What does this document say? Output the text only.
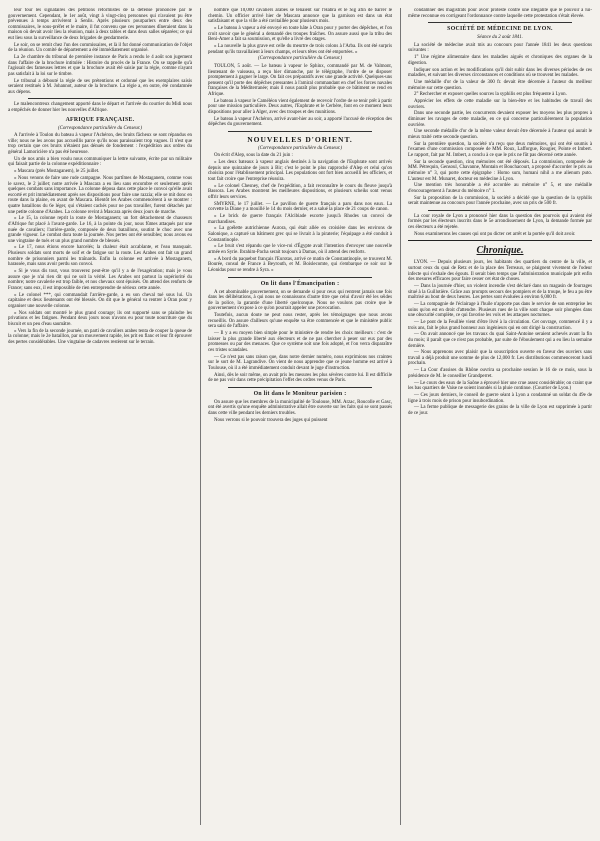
leur tour les signataires des pétitions réformistes de la défense prononcée par le gouvernement. Cependant, le 1er août, vingt à vingt-cinq personnes qui n'avaient pu être prévenues à temps arrivèrent à Senlis. Après plusieurs pourparlers entre deux des commissaires, le sous-préfet et le maire, il fut convenu que ces personnes dîneraient dans la maison où devait avoir lieu la réunion, mais à deux tables et dans deux salles séparées; ce qui eut lieu sous la surveillance de deux brigades de gendarmerie.

Le soir, on se remit chez l'un des commissaires, et là il fut donné communication de l'objet de la réunion. Un comité de département a été immédiatement organisé.

La 2e chambre du tribunal de première instance de Paris a rendu le 4 août son jugement dans l'affaire de la brochure intitulée : Histoire du procès de la France. On se rappelle qu'à l'agissait des fameuses lettres et que la brochure avait été saisie par la régie, comme n'ayant pas satisfait à la loi sur le timbre.

Le tribunal a débouté la régie de ses prétentions et ordonné que les exemplaires saisis seraient restitués à M. Johannot, auteur de la brochure. La régie a, en outre, été condamnée aux dépens.

Le malencontreux changement apporté dans le départ et l'arrivée du courrier du Midi nous a empêchés de donner hier les nouvelles d'Afrique.

AFRIQUE FRANÇAISE.
(Correspondance particulière du Censeur.)

A l'arrivée à Toulon du bateau à vapeur l'Achéron, des bruits fâcheux se sont répandus en ville; nous ne les avons pas accueillis parce qu'ils nous paraissaient trop vagues. Il n'est que trop certain que ces bruits n'étaient pas dénués de fondement : l'expédition aux ordres du général Lamoricière n'a pas été heureuse.

Un de nos amis a bien voulu nous communiquer la lettre suivante, écrite par un militaire qui faisait partie de la colonne expéditionnaire :

« Mascara (près Mostaganem), le 25 juillet.

« Nous venons de faire une rude campagne. Nous partîmes de Mostaganem, comme vous le savez, le 2 juillet; notre arrivée à Mascara a eu lieu sans encombre et seulement après quelques combats sans importance. La colonne déposa dans cette place le convoi qu'elle avait escorté et prit immédiatement après ses dispositions pour faire une razzia; elle se mit donc en route dans la plaine, en avant de Mascara. Bientôt les Arabes commencèrent à se montrer : quatre bataillons du 6e léger, qui s'étaient cachés pour ne pas travailler, furent détachés par une petite colonne d'Arabes. La colonne revint à Mascara après deux jours de marche.

« Le 15, la colonne reprit la route de Mostaganem; un fort détachement de chasseurs d'Afrique fut placé à l'avant-garde. Le 16, à la pointe du jour, nous fûmes attaqués par une nuée de cavaliers; l'arrière-garde, composée de deux bataillons, soutint le choc avec une grande vigueur. Le combat dura toute la journée. Nos pertes ont été sensibles; nous avons eu une vingtaine de tués et un plus grand nombre de blessés.

« Le 17, nous étions encore harcelés; la chaleur était accablante, et l'eau manquait. Plusieurs soldats sont morts de soif et de fatigue sur la route. Les Arabes ont fait un grand nombre de prisonniers parmi les traînards. Enfin la colonne est arrivée à Mostaganem, harassée, mais sans avoir perdu son convoi.

« Si je vous dis tout, vous trouverez peut-être qu'il y a de l'exagération; mais je vous assure que je n'ai rien dit qui ne soit la vérité. Les Arabes ont partout la supériorité du nombre; notre cavalerie est trop faible, et nos chevaux sont épuisés. On attend des renforts de France; sans eux, il est impossible de rien entreprendre de sérieux cette année.

« Le colonel ***, qui commandait l'arrière-garde, a eu son cheval tué sous lui. Un capitaine et deux lieutenants ont été blessés. On dit que le général va rentrer à Oran pour y organiser une nouvelle colonne.

« Nos soldats ont montré le plus grand courage; ils ont supporté sans se plaindre les privations et les fatigues. Pendant deux jours nous n'avons eu pour toute nourriture que du biscuit et un peu d'eau saumâtre.

« Vers la fin de la seconde journée, un parti de cavaliers arabes tenta de couper la queue de la colonne; mais le 2e bataillon, par un mouvement rapide, les prit en flanc et leur fit éprouver des pertes considérables. Une vingtaine de cadavres restèrent sur le terrain.

nombre que 10,000 cavaliers arabes se tenaient sur l'Habra et le Sig afin de barrer le chemin. Un officier arrivé hier de Mascara annonce que la garnison est dans un état satisfaisant et que la ville a été ravitaillée pour plusieurs mois.

« Le bateau à vapeur a été envoyé en toute hâte à Oran pour y porter des dépêches, et l'on croit savoir que le général a demandé des troupes fraîches. On assure aussi que la tribu des Beni-Amer a fait sa soumission, et qu'elle a livré des otages.

« La nouvelle la plus grave est celle du meurtre de trois colons à l'Arba. Ils ont été surpris pendant qu'ils travaillaient à leurs champs, et leurs têtes ont été emportées. »

(Correspondance particulière du Censeur.)

TOULON, 5 août. — Le bateau à vapeur le Sphinx, commandé par M. de Valmont, lieutenant de vaisseau, a reçu hier dimanche, par le télégraphe, l'ordre de se disposer promptement à gagner le large. On fait ces préparatifs avec une grande activité. Quelques-uns pensent qu'il porte des dépêches pressantes à l'amiral commandant en chef les forces navales françaises de la Méditerranée; mais il nous paraît plus probable que ce bâtiment se rend en Afrique.

Le bateau à vapeur le Caméléon vient également de recevoir l'ordre de se tenir prêt à partir pour une mission particulière. Deux autres, l'Euphrate et le Cerbère, font en ce moment leurs dispositions pour aller à Alger, avec des troupes et des munitions.

Le bateau à vapeur l'Achéron, arrivé avant-hier au soir, a apporté l'accusé de réception des dépêches du gouvernement.

NOUVELLES D'ORIENT.
(Correspondance particulière du Censeur.)

On écrit d'Alep, sous la date du 21 juin :

« Les deux bateaux à vapeur anglais destinés à la navigation de l'Euphrate sont arrivés depuis une quinzaine de jours à Bir; c'est le point le plus rapproché d'Alep et celui qu'on choisira pour l'établissement principal. Les populations ont fort bien accueilli les officiers, et tout fait croire que l'entreprise réussira.

« Le colonel Chesney, chef de l'expédition, a fait reconnaître le cours du fleuve jusqu'à Bassora. Les Arabes montrent les meilleures dispositions, et plusieurs scheiks sont venus offrir leurs services.

SMYRNE, le 17 juillet. — Le pavillon de guerre français a paru dans nos eaux. La corvette la Diane y a mouillé le 14 du mois dernier, et a salué la place de 21 coups de canon.

« Le brick de guerre français l'Alcibiade escorte jusqu'à Rhodes un convoi de marchandises.

« La goélette autrichienne Aurora, qui était allée en croisière dans les environs de Salonique, a capturé un bâtiment grec qui se livrait à la piraterie; l'équipage a été conduit à Constantinople.

« Le bruit s'est répandu que le vice-roi d'Égypte avait l'intention d'envoyer une nouvelle armée en Syrie. Ibrahim-Pacha serait toujours à Damas, où il attend des renforts.

« A bord du paquebot français l'Eurotas, arrivé ce matin de Constantinople, se trouvent M. Bourée, consul de France à Beyrouth, et M. Boislecomte, qui s'embarque ce soir sur le Léonidas pour se rendre à Syra. »

On lit dans l'Émancipation :

A cet abominable gouvernement, on se demande si pour ceux qui rentrent jamais une fois dans les délibérations, à qui nous ne connaissons d'autre titre que celui d'avoir été les séides de la police, la garantie d'une liberté quelconque. Nous ne voulons pas croire que le gouvernement s'expose à ce qu'on pourrait appeler une provocation.

Toutefois, aucun doute ne peut nous rester, après les témoignages que nous avons recueillis. On assure d'ailleurs qu'une enquête va être commencée et que le ministère public sera saisi de l'affaire.

— Il y a eu moyen bien simple pour le ministère de rendre les choix meilleurs : c'est de laisser la plus grande liberté aux électeurs et de ne pas chercher à peser sur eux par des promesses ou par des menaces. Que ce système soit une fois adopté, et l'on verra disparaître ces tristes scandales.

— Ce n'est pas sans raison que, dans notre dernier numéro, nous exprimions nos craintes sur le sort de M. Lagrandive. On vient de nous apprendre que ce jeune homme est arrivé à Toulouse, où il a été immédiatement conduit devant le juge d'instruction.

Ainsi, dès le soir même, on avait pris les mesures les plus sévères contre lui. Il est difficile de ne pas voir dans cette précipitation l'effet des ordres venus de Paris.

On lit dans le Moniteur parisien :

On assure que les membres de la municipalité de Toulouse, MM. Arzac, Roucolle et Gasc, ont été avertis qu'une enquête administrative allait être ouverte sur les faits qui se sont passés dans cette ville pendant les derniers troubles.

Nous verrons si le pouvoir trouvera des juges qui puissent

condamner des magistrats pour avoir protesté contre une illégalité que le pouvoir a lui-même reconnue en corrigeant l'ordonnance contre laquelle cette protestation s'était élevée.

SOCIÉTÉ DE MÉDECINE DE LYON.
Séance du 2 août 1841.

La société de médecine avait mis au concours pour l'année 1841 les deux questions suivantes :

1° Une régime alimentaire dans les maladies aiguës et chroniques des organes de la digestion.

Indiquer son action et les modifications qu'il doit subir dans les diverses périodes de ces maladies, et suivant les diverses circonstances et conditions où se trouvent les malades.

Une médaille d'or de la valeur de 300 fr. devait être décernée à l'auteur du meilleur mémoire sur cette question.

2° Rechercher et exposer quelles sources la syphilis est plus fréquente à Lyon.

Apprécier les effets de cette maladie sur la bien-être et les habitudes de travail des ouvriers.

Dans une seconde partie, les concurrents devaient exposer les moyens les plus propres à diminuer les ravages de cette maladie, en ce qui concerne particulièrement la population ouvrière.

Une seconde médaille d'or de la même valeur devait être décernée à l'auteur qui aurait le mieux traité cette seconde question.

Sur la première question, la société n'a reçu que deux mémoires, qui ont été soumis à l'examen d'une commission composée de MM. Roux, Lafforgue, Rougier, Pointe et Imbert. Le rapport, fait par M. Imbert, a conclu à ce que le prix ne fût pas décerné cette année.

Sur la seconde question, cinq mémoires ont été déposés. La commission, composée de MM. Pétrequin, Gensoul, Chavanne, Montain et Bouchacourt, a proposé d'accorder le prix au mémoire n° 3, qui porte cette épigraphe : Homo sum, humani nihil a me alienum puto. L'auteur est M. Munaret, docteur en médecine à Lyon.

Une mention très honorable a été accordée au mémoire n° 5, et une médaille d'encouragement à l'auteur du mémoire n° 1.

Sur la proposition de la commission, la société a décidé que la question de la syphilis serait maintenue au concours pour l'année prochaine, avec un prix de 500 fr.

La cour royale de Lyon a prononcé hier dans la question des pourvois qui avaient été formés par les électeurs inscrits dans le 5e arrondissement de Lyon, la demande formée par ces électeurs a été rejetée.

Nous examinerons les causes qui ont pu dicter cet arrêt et la portée qu'il doit avoir.

Chronique.

LYON. — Depuis plusieurs jours, les habitants des quartiers du centre de la ville, et surtout ceux du quai de Retz et de la place des Terreaux, se plaignent vivement de l'odeur infecte qui s'exhale des égouts. Il serait bien temps que l'administration municipale prit enfin des mesures efficaces pour faire cesser cet état de choses.

— Dans la journée d'hier, un violent incendie s'est déclaré dans un magasin de fourrages situé à la Guillotière. Grâce aux prompts secours des pompiers et de la troupe, le feu a pu être maîtrisé au bout de deux heures. Les pertes sont évaluées à environ 6,000 fr.

— La compagnie de l'éclairage à l'huile n'apporte pas dans le service de son entreprise les soins qu'on est en droit d'attendre. Plusieurs rues de la ville sont chaque soir plongées dans une obscurité complète, ce qui favorise les vols et les attaques nocturnes.

— Le pont de la Feuillée vient d'être livré à la circulation. Cet ouvrage, commencé il y a trois ans, fait le plus grand honneur aux ingénieurs qui en ont dirigé la construction.

— On avait annoncé que les travaux du quai Saint-Antoine seraient achevés avant la fin du mois; il paraît que ce n'est pas probable, par suite de l'éboulement qui a eu lieu la semaine dernière.

— Nous apprenons avec plaisir que la souscription ouverte en faveur des ouvriers sans travail a déjà produit une somme de plus de 12,000 fr. Les distributions commenceront lundi prochain.

— La Cour d'assises du Rhône ouvrira sa prochaine session le 16 de ce mois, sous la présidence de M. le conseiller Grandperret.

— Le cours des eaux de la Saône a éprouvé hier une crue assez considérable; on craint que les bas quartiers de Vaise ne soient inondés si la pluie continue. (Courrier de Lyon.)

— Ces jours derniers, le conseil de guerre séant à Lyon a condamné un soldat du 49e de ligne à trois mois de prison pour insubordination.

— La ferme publique de messagerie des grains de la ville de Lyon est supprimée à partir de ce jour.
